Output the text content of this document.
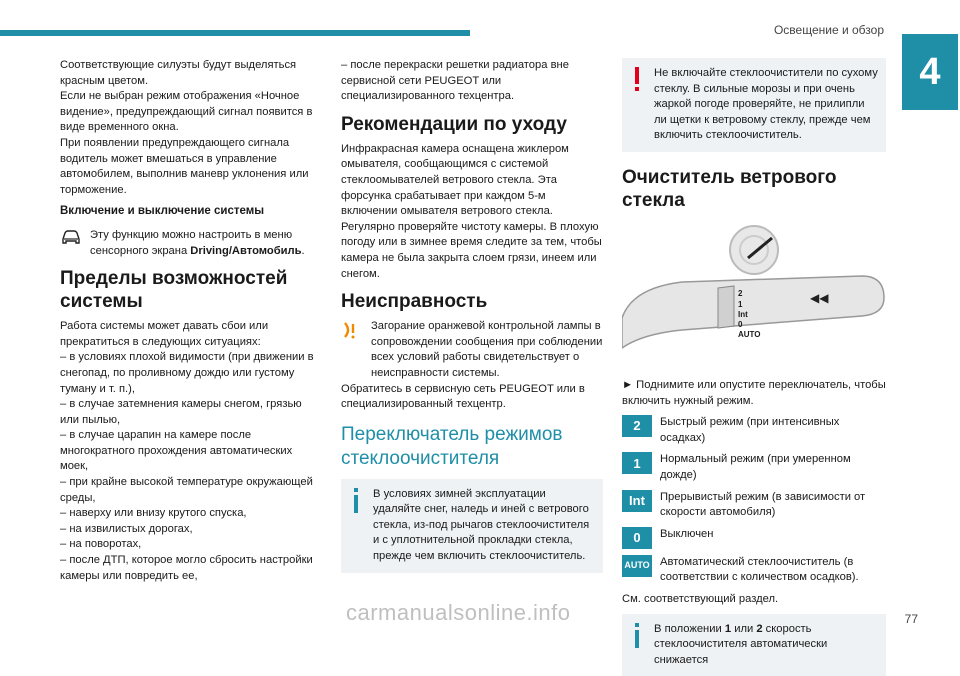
Освещение и обзор
4

Соответствующие силуэты будут выделяться красным цветом.

Если не выбран режим отображения «Ночное видение», предупреждающий сигнал появится в виде временного окна.

При появлении предупреждающего сигнала водитель может вмешаться в управление автомобилем, выполнив маневр уклонения или торможение.

Включение и выключение системы

Эту функцию можно настроить в меню сенсорного экрана Driving/Автомобиль.

Пределы возможностей системы

Работа системы может давать сбои или прекратиться в следующих ситуациях:

– в условиях плохой видимости (при движении в снегопад, по проливному дождю или густому туману и т. п.),

– в случае затемнения камеры снегом, грязью или пылью,

– в случае царапин на камере после многократного прохождения автоматических моек,

– при крайне высокой температуре окружающей среды,

– наверху или внизу крутого спуска,

– на извилистых дорогах,

– на поворотах,

– после ДТП, которое могло сбросить настройки камеры или повредить ее,

– после перекраски решетки радиатора вне сервисной сети PEUGEOT или специализированного техцентра.

Рекомендации по уходу

Инфракрасная камера оснащена жиклером омывателя, сообщающимся с системой стеклоомывателей ветрового стекла. Эта форсунка срабатывает при каждом 5-м включении омывателя ветрового стекла. Регулярно проверяйте чистоту камеры. В плохую погоду или в зимнее время следите за тем, чтобы камера не была закрыта слоем грязи, инеем или снегом.

Неисправность

Загорание оранжевой контрольной лампы в сопровождении сообщения при соблюдении всех условий работы свидетельствует о неисправности системы.

Обратитесь в сервисную сеть PEUGEOT или в специализированный техцентр.

Переключатель режимов стеклоочистителя

В условиях зимней эксплуатации удаляйте снег, наледь и иней с ветрового стекла, из-под рычагов стеклоочистителя и с уплотнительной прокладки стекла, прежде чем включить стеклоочиститель.

Не включайте стеклоочистители по сухому стеклу. В сильные морозы и при очень жаркой погоде проверяйте, не прилипли ли щетки к ветровому стеклу, прежде чем включить стеклоочиститель.

Очиститель ветрового стекла
◀◀
2
1
Int
0
AUTO

► Поднимите или опустите переключатель, чтобы включить нужный режим.

2	Быстрый режим (при интенсивных осадках)

1	Нормальный режим (при умеренном дожде)

Int	Прерывистый режим (в зависимости от скорости автомобиля)

0	Выключен

AUTO Автоматический стеклоочиститель (в соответствии с количеством осадков).

См. соответствующий раздел.

В положении 1 или 2 скорость стеклоочистителя автоматически снижается

carmanualsonline.info	77
